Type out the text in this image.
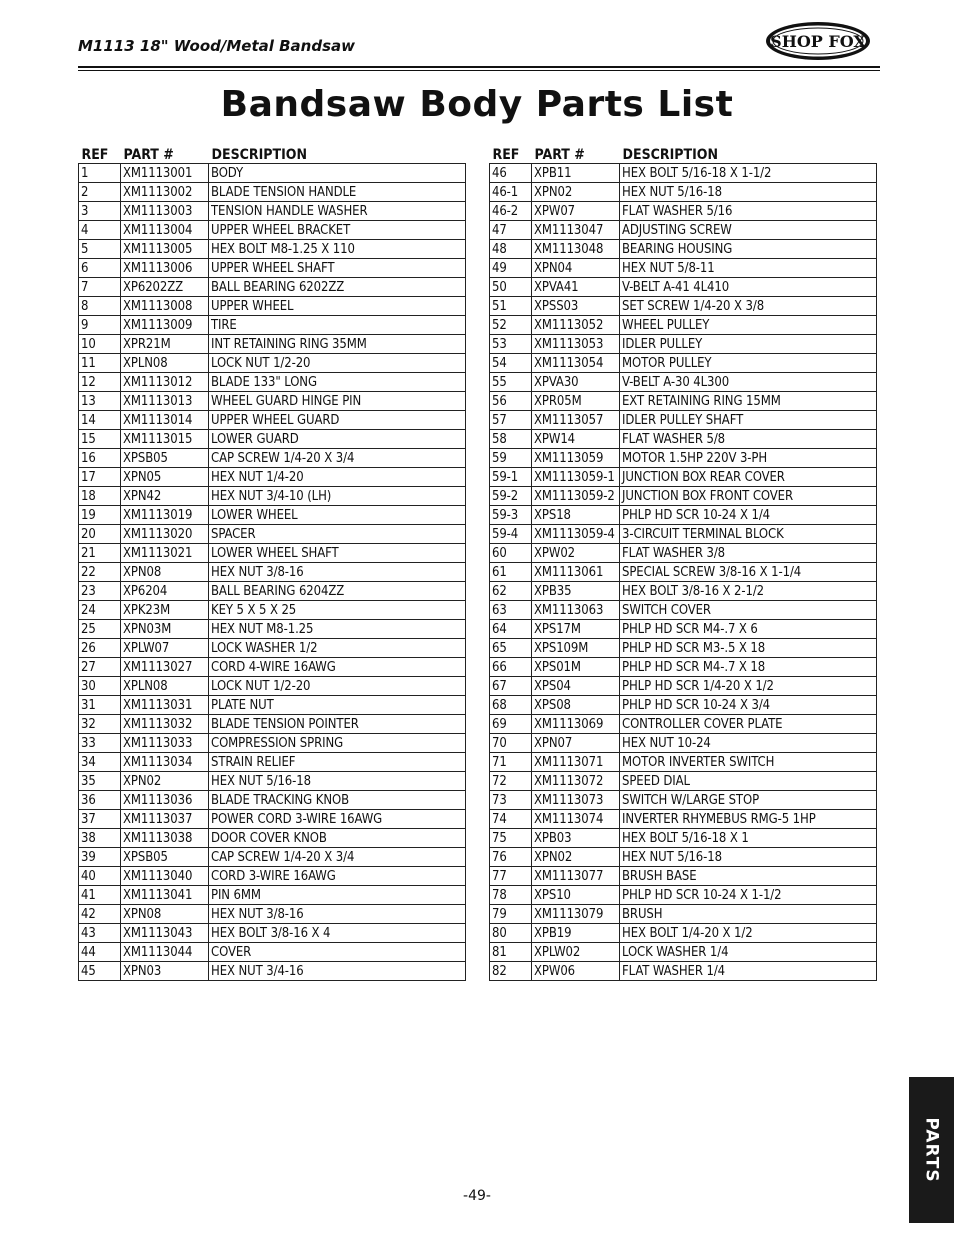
M1113 18" Wood/Metal Bandsaw	SHOP FOX
Bandsaw Body Parts List
REF	PART #	DESCRIPTION
1	XM1113001	BODY
2	XM1113002	BLADE TENSION HANDLE
3	XM1113003	TENSION HANDLE WASHER
4	XM1113004	UPPER WHEEL BRACKET
5	XM1113005	HEX BOLT M8-1.25 X 110
6	XM1113006	UPPER WHEEL SHAFT
7	XP6202ZZ	BALL BEARING 6202ZZ
8	XM1113008	UPPER WHEEL
9	XM1113009	TIRE
10	XPR21M	INT RETAINING RING 35MM
11	XPLN08	LOCK NUT 1/2-20
12	XM1113012	BLADE 133" LONG
13	XM1113013	WHEEL GUARD HINGE PIN
14	XM1113014	UPPER WHEEL GUARD
15	XM1113015	LOWER GUARD
16	XPSB05	CAP SCREW 1/4-20 X 3/4
17	XPN05	HEX NUT 1/4-20
18	XPN42	HEX NUT 3/4-10 (LH)
19	XM1113019	LOWER WHEEL
20	XM1113020	SPACER
21	XM1113021	LOWER WHEEL SHAFT
22	XPN08	HEX NUT 3/8-16
23	XP6204	BALL BEARING 6204ZZ
24	XPK23M	KEY 5 X 5 X 25
25	XPN03M	HEX NUT M8-1.25
26	XPLW07	LOCK WASHER 1/2
27	XM1113027	CORD 4-WIRE 16AWG
30	XPLN08	LOCK NUT 1/2-20
31	XM1113031	PLATE NUT
32	XM1113032	BLADE TENSION POINTER
33	XM1113033	COMPRESSION SPRING
34	XM1113034	STRAIN RELIEF
35	XPN02	HEX NUT 5/16-18
36	XM1113036	BLADE TRACKING KNOB
37	XM1113037	POWER CORD 3-WIRE 16AWG
38	XM1113038	DOOR COVER KNOB
39	XPSB05	CAP SCREW 1/4-20 X 3/4
40	XM1113040	CORD 3-WIRE 16AWG
41	XM1113041	PIN 6MM
42	XPN08	HEX NUT 3/8-16
43	XM1113043	HEX BOLT 3/8-16 X 4
44	XM1113044	COVER
45	XPN03	HEX NUT 3/4-16
REF	PART #	DESCRIPTION
46	XPB11	HEX BOLT 5/16-18 X 1-1/2
46-1	XPN02	HEX NUT 5/16-18
46-2	XPW07	FLAT WASHER 5/16
47	XM1113047	ADJUSTING SCREW
48	XM1113048	BEARING HOUSING
49	XPN04	HEX NUT 5/8-11
50	XPVA41	V-BELT A-41 4L410
51	XPSS03	SET SCREW 1/4-20 X 3/8
52	XM1113052	WHEEL PULLEY
53	XM1113053	IDLER PULLEY
54	XM1113054	MOTOR PULLEY
55	XPVA30	V-BELT A-30 4L300
56	XPR05M	EXT RETAINING RING 15MM
57	XM1113057	IDLER PULLEY SHAFT
58	XPW14	FLAT WASHER 5/8
59	XM1113059	MOTOR 1.5HP 220V 3-PH
59-1	XM1113059-1	JUNCTION BOX REAR COVER
59-2	XM1113059-2	JUNCTION BOX FRONT COVER
59-3	XPS18	PHLP HD SCR 10-24 X 1/4
59-4	XM1113059-4	3-CIRCUIT TERMINAL BLOCK
60	XPW02	FLAT WASHER 3/8
61	XM1113061	SPECIAL SCREW 3/8-16 X 1-1/4
62	XPB35	HEX BOLT 3/8-16 X 2-1/2
63	XM1113063	SWITCH COVER
64	XPS17M	PHLP HD SCR M4-.7 X 6
65	XPS109M	PHLP HD SCR M3-.5 X 18
66	XPS01M	PHLP HD SCR M4-.7 X 18
67	XPS04	PHLP HD SCR 1/4-20 X 1/2
68	XPS08	PHLP HD SCR 10-24 X 3/4
69	XM1113069	CONTROLLER COVER PLATE
70	XPN07	HEX NUT 10-24
71	XM1113071	MOTOR INVERTER SWITCH
72	XM1113072	SPEED DIAL
73	XM1113073	SWITCH W/LARGE STOP
74	XM1113074	INVERTER RHYMEBUS RMG-5 1HP
75	XPB03	HEX BOLT 5/16-18 X 1
76	XPN02	HEX NUT 5/16-18
77	XM1113077	BRUSH BASE
78	XPS10	PHLP HD SCR 10-24 X 1-1/2
79	XM1113079	BRUSH
80	XPB19	HEX BOLT 1/4-20 X 1/2
81	XPLW02	LOCK WASHER 1/4
82	XPW06	FLAT WASHER 1/4
PARTS
-49-
